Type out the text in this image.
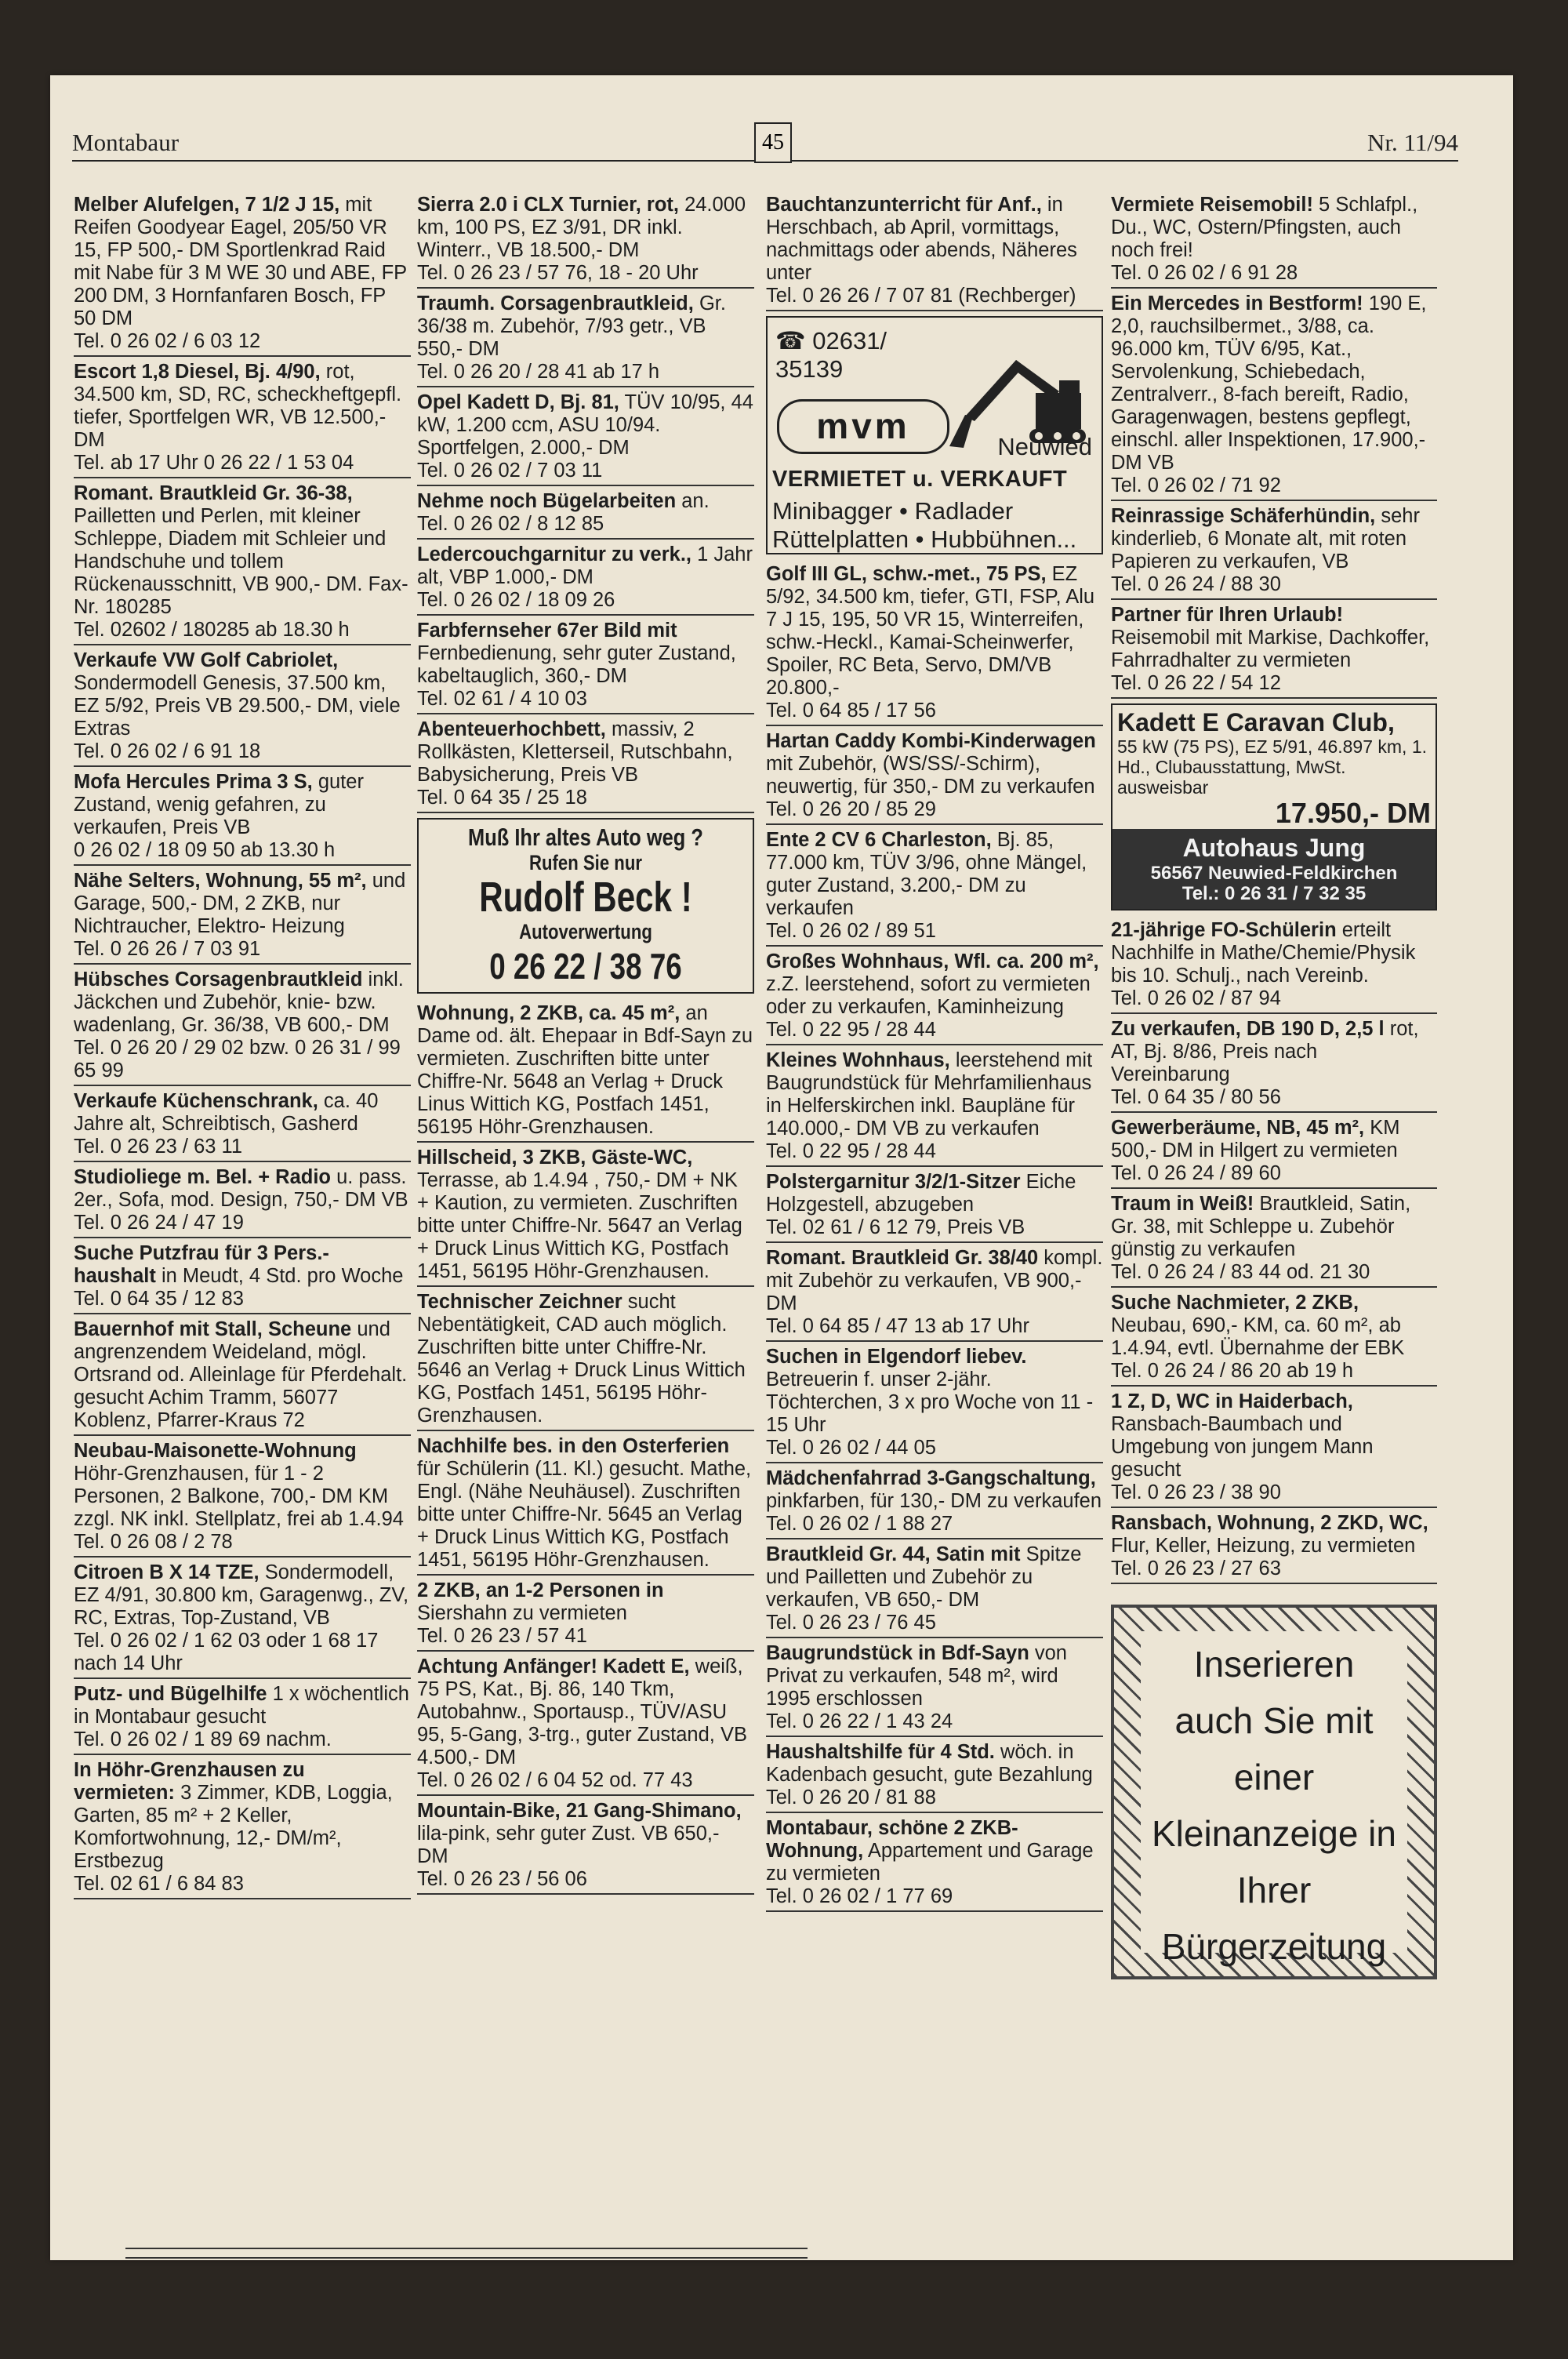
Montabaur	45	Nr. 11/94
Melber Alufelgen, 7 1/2 J 15, mit Reifen Goodyear Eagel, 205/50 VR 15, FP 500,- DM Sportlenkrad Raid mit Nabe für 3 M WE 30 und ABE, FP 200 DM, 3 Hornfanfaren Bosch, FP 50 DM
Tel. 0 26 02 / 6 03 12
Escort 1,8 Diesel, Bj. 4/90, rot, 34.500 km, SD, RC, scheckheftgepfl. tiefer, Sportfelgen WR, VB 12.500,- DM
Tel. ab 17 Uhr 0 26 22 / 1 53 04
Romant. Brautkleid Gr. 36-38, Pailletten und Perlen, mit kleiner Schleppe, Diadem mit Schleier und Handschuhe und tollem Rückenausschnitt, VB 900,- DM. Fax-Nr. 180285
Tel. 02602 / 180285 ab 18.30 h
Verkaufe VW Golf Cabriolet, Sondermodell Genesis, 37.500 km, EZ 5/92, Preis VB 29.500,- DM, viele Extras
Tel. 0 26 02 / 6 91 18
Mofa Hercules Prima 3 S, guter Zustand, wenig gefahren, zu verkaufen, Preis VB
0 26 02 / 18 09 50 ab 13.30 h
Nähe Selters, Wohnung, 55 m², und Garage, 500,- DM, 2 ZKB, nur Nichtraucher, Elektro- Heizung
Tel. 0 26 26 / 7 03 91
Hübsches Corsagenbrautkleid inkl. Jäckchen und Zubehör, knie- bzw. wadenlang, Gr. 36/38, VB 600,- DM
Tel. 0 26 20 / 29 02 bzw. 0 26 31 / 99 65 99
Verkaufe Küchenschrank, ca. 40 Jahre alt, Schreibtisch, Gasherd
Tel. 0 26 23 / 63 11
Studioliege m. Bel. + Radio u. pass. 2er., Sofa, mod. Design, 750,- DM VB
Tel. 0 26 24 / 47 19
Suche Putzfrau für 3 Pers.-haushalt in Meudt, 4 Std. pro Woche
Tel. 0 64 35 / 12 83
Bauernhof mit Stall, Scheune und angrenzendem Weideland, mögl. Ortsrand od. Alleinlage für Pferdehalt. gesucht Achim Tramm, 56077 Koblenz, Pfarrer-Kraus 72
Neubau-Maisonette-Wohnung Höhr-Grenzhausen, für 1 - 2 Personen, 2 Balkone, 700,- DM KM zzgl. NK inkl. Stellplatz, frei ab 1.4.94
Tel. 0 26 08 / 2 78
Citroen B X 14 TZE, Sondermodell, EZ 4/91, 30.800 km, Garagenwg., ZV, RC, Extras, Top-Zustand, VB
Tel. 0 26 02 / 1 62 03 oder 1 68 17 nach 14 Uhr
Putz- und Bügelhilfe 1 x wöchentlich in Montabaur gesucht
Tel. 0 26 02 / 1 89 69 nachm.
In Höhr-Grenzhausen zu vermieten: 3 Zimmer, KDB, Loggia, Garten, 85 m² + 2 Keller, Komfortwohnung, 12,- DM/m², Erstbezug
Tel. 02 61 / 6 84 83
Sierra 2.0 i CLX Turnier, rot, 24.000 km, 100 PS, EZ 3/91, DR inkl. Winterr., VB 18.500,- DM
Tel. 0 26 23 / 57 76, 18 - 20 Uhr
Traumh. Corsagenbrautkleid, Gr. 36/38 m. Zubehör, 7/93 getr., VB 550,- DM
Tel. 0 26 20 / 28 41 ab 17 h
Opel Kadett D, Bj. 81, TÜV 10/95, 44 kW, 1.200 ccm, ASU 10/94. Sportfelgen, 2.000,- DM
Tel. 0 26 02 / 7 03 11
Nehme noch Bügelarbeiten an.
Tel. 0 26 02 / 8 12 85
Ledercouchgarnitur zu verk., 1 Jahr alt, VBP 1.000,- DM
Tel. 0 26 02 / 18 09 26
Farbfernseher 67er Bild mit Fernbedienung, sehr guter Zustand, kabeltauglich, 360,- DM
Tel. 02 61 / 4 10 03
Abenteuerhochbett, massiv, 2 Rollkästen, Kletterseil, Rutschbahn, Babysicherung, Preis VB
Tel. 0 64 35 / 25 18
Muß Ihr altes Auto weg ?
Rufen Sie nur
Rudolf Beck !
Autoverwertung
0 26 22 / 38 76
Wohnung, 2 ZKB, ca. 45 m², an Dame od. ält. Ehepaar in Bdf-Sayn zu vermieten. Zuschriften bitte unter Chiffre-Nr. 5648 an Verlag + Druck Linus Wittich KG, Postfach 1451, 56195 Höhr-Grenzhausen.
Hillscheid, 3 ZKB, Gäste-WC, Terrasse, ab 1.4.94 , 750,- DM + NK + Kaution, zu vermieten. Zuschriften bitte unter Chiffre-Nr. 5647 an Verlag + Druck Linus Wittich KG, Postfach 1451, 56195 Höhr-Grenzhausen.
Technischer Zeichner sucht Nebentätigkeit, CAD auch möglich. Zuschriften bitte unter Chiffre-Nr. 5646 an Verlag + Druck Linus Wittich KG, Postfach 1451, 56195 Höhr-Grenzhausen.
Nachhilfe bes. in den Osterferien für Schülerin (11. Kl.) gesucht. Mathe, Engl. (Nähe Neuhäusel). Zuschriften bitte unter Chiffre-Nr. 5645 an Verlag + Druck Linus Wittich KG, Postfach 1451, 56195 Höhr-Grenzhausen.
2 ZKB, an 1-2 Personen in Siershahn zu vermieten
Tel. 0 26 23 / 57 41
Achtung Anfänger! Kadett E, weiß, 75 PS, Kat., Bj. 86, 140 Tkm, Autobahnw., Sportausp., TÜV/ASU 95, 5-Gang, 3-trg., guter Zustand, VB 4.500,- DM
Tel. 0 26 02 / 6 04 52 od. 77 43
Mountain-Bike, 21 Gang-Shimano, lila-pink, sehr guter Zust. VB 650,- DM
Tel. 0 26 23 / 56 06
Bauchtanzunterricht für Anf., in Herschbach, ab April, vormittags, nachmittags oder abends, Näheres unter
Tel. 0 26 26 / 7 07 81 (Rechberger)
☎ 02631/
35139
mvm
Neuwied
VERMIETET u. VERKAUFT
Minibagger • Radlader
Rüttelplatten • Hubbühnen...
Golf III GL, schw.-met., 75 PS, EZ 5/92, 34.500 km, tiefer, GTI, FSP, Alu 7 J 15, 195, 50 VR 15, Winterreifen, schw.-Heckl., Kamai-Scheinwerfer, Spoiler, RC Beta, Servo, DM/VB 20.800,-
Tel. 0 64 85 / 17 56
Hartan Caddy Kombi-Kinderwagen mit Zubehör, (WS/SS/-Schirm), neuwertig, für 350,- DM zu verkaufen
Tel. 0 26 20 / 85 29
Ente 2 CV 6 Charleston, Bj. 85, 77.000 km, TÜV 3/96, ohne Mängel, guter Zustand, 3.200,- DM zu verkaufen
Tel. 0 26 02 / 89 51
Großes Wohnhaus, Wfl. ca. 200 m², z.Z. leerstehend, sofort zu vermieten oder zu verkaufen, Kaminheizung
Tel. 0 22 95 / 28 44
Kleines Wohnhaus, leerstehend mit Baugrundstück für Mehrfamilienhaus in Helferskirchen inkl. Baupläne für 140.000,- DM VB zu verkaufen
Tel. 0 22 95 / 28 44
Polstergarnitur 3/2/1-Sitzer Eiche Holzgestell, abzugeben
Tel. 02 61 / 6 12 79, Preis VB
Romant. Brautkleid Gr. 38/40 kompl. mit Zubehör zu verkaufen, VB 900,- DM
Tel. 0 64 85 / 47 13 ab 17 Uhr
Suchen in Elgendorf liebev. Betreuerin f. unser 2-jähr. Töchterchen, 3 x pro Woche von 11 - 15 Uhr
Tel. 0 26 02 / 44 05
Mädchenfahrrad 3-Gangschaltung, pinkfarben, für 130,- DM zu verkaufen
Tel. 0 26 02 / 1 88 27
Brautkleid Gr. 44, Satin mit Spitze und Pailletten und Zubehör zu verkaufen, VB 650,- DM
Tel. 0 26 23 / 76 45
Baugrundstück in Bdf-Sayn von Privat zu verkaufen, 548 m², wird 1995 erschlossen
Tel. 0 26 22 / 1 43 24
Haushaltshilfe für 4 Std. wöch. in Kadenbach gesucht, gute Bezahlung
Tel. 0 26 20 / 81 88
Montabaur, schöne 2 ZKB-Wohnung, Appartement und Garage zu vermieten
Tel. 0 26 02 / 1 77 69
Vermiete Reisemobil! 5 Schlafpl., Du., WC, Ostern/Pfingsten, auch noch frei!
Tel. 0 26 02 / 6 91 28
Ein Mercedes in Bestform! 190 E, 2,0, rauchsilbermet., 3/88, ca. 96.000 km, TÜV 6/95, Kat., Servolenkung, Schiebedach, Zentralverr., 8-fach bereift, Radio, Garagenwagen, bestens gepflegt, einschl. aller Inspektionen, 17.900,- DM VB
Tel. 0 26 02 / 71 92
Reinrassige Schäferhündin, sehr kinderlieb, 6 Monate alt, mit roten Papieren zu verkaufen, VB
Tel. 0 26 24 / 88 30
Partner für Ihren Urlaub! Reisemobil mit Markise, Dachkoffer, Fahrradhalter zu vermieten
Tel. 0 26 22 / 54 12
Kadett E Caravan Club,
55 kW (75 PS), EZ 5/91, 46.897 km, 1. Hd., Clubausstattung, MwSt. ausweisbar
17.950,- DM
Autohaus Jung
56567 Neuwied-Feldkirchen
Tel.: 0 26 31 / 7 32 35
21-jährige FO-Schülerin erteilt Nachhilfe in Mathe/Chemie/Physik bis 10. Schulj., nach Vereinb.
Tel. 0 26 02 / 87 94
Zu verkaufen, DB 190 D, 2,5 l rot, AT, Bj. 8/86, Preis nach Vereinbarung
Tel. 0 64 35 / 80 56
Gewerberäume, NB, 45 m², KM 500,- DM in Hilgert zu vermieten
Tel. 0 26 24 / 89 60
Traum in Weiß! Brautkleid, Satin, Gr. 38, mit Schleppe u. Zubehör günstig zu verkaufen
Tel. 0 26 24 / 83 44 od. 21 30
Suche Nachmieter, 2 ZKB, Neubau, 690,- KM, ca. 60 m², ab 1.4.94, evtl. Übernahme der EBK
Tel. 0 26 24 / 86 20 ab 19 h
1 Z, D, WC in Haiderbach, Ransbach-Baumbach und Umgebung von jungem Mann gesucht
Tel. 0 26 23 / 38 90
Ransbach, Wohnung, 2 ZKD, WC, Flur, Keller, Heizung, zu vermieten
Tel. 0 26 23 / 27 63
Inserieren
auch Sie mit
einer
Kleinanzeige in
Ihrer
Bürgerzeitung
